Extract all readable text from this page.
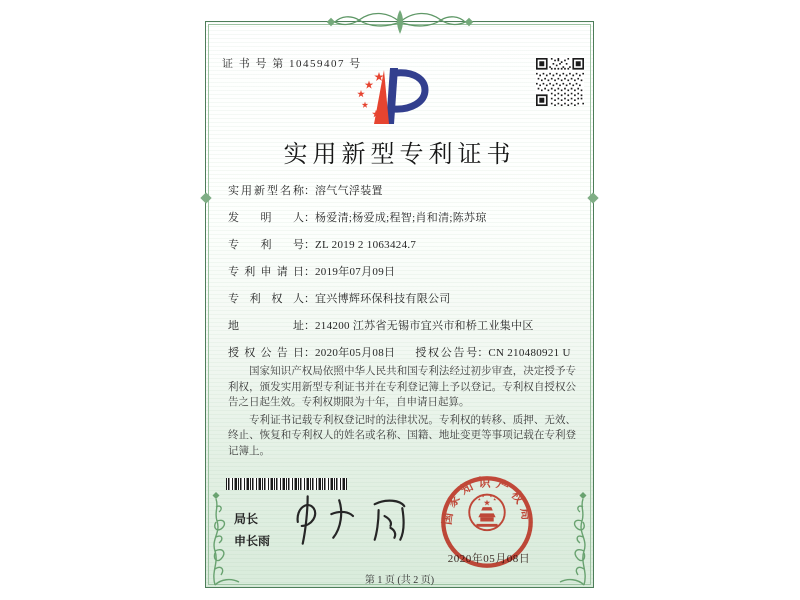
证 书 号 第 10459407 号
实用新型专利证书
实用新型名称：溶气气浮装置
发明人：杨爱清;杨爱成;程智;肖和清;陈苏琼
专利号：ZL 2019 2 1063424.7
专利申请日：2019年07月09日
专利权人：宜兴博辉环保科技有限公司
地址：214200 江苏省无锡市宜兴市和桥工业集中区
授权公告日：2020年05月08日 授权公告号：CN 210480921 U

国家知识产权局依照中华人民共和国专利法经过初步审查，决定授予专利权，颁发实用新型专利证书并在专利登记簿上予以登记。专利权自授权公告之日起生效。专利权期限为十年，自申请日起算。

专利证书记载专利权登记时的法律状况。专利权的转移、质押、无效、终止、恢复和专利权人的姓名或名称、国籍、地址变更等事项记载在专利登记簿上。

局长
申长雨
2020年05月08日
国家知识产权局
第 1 页 (共 2 页)
